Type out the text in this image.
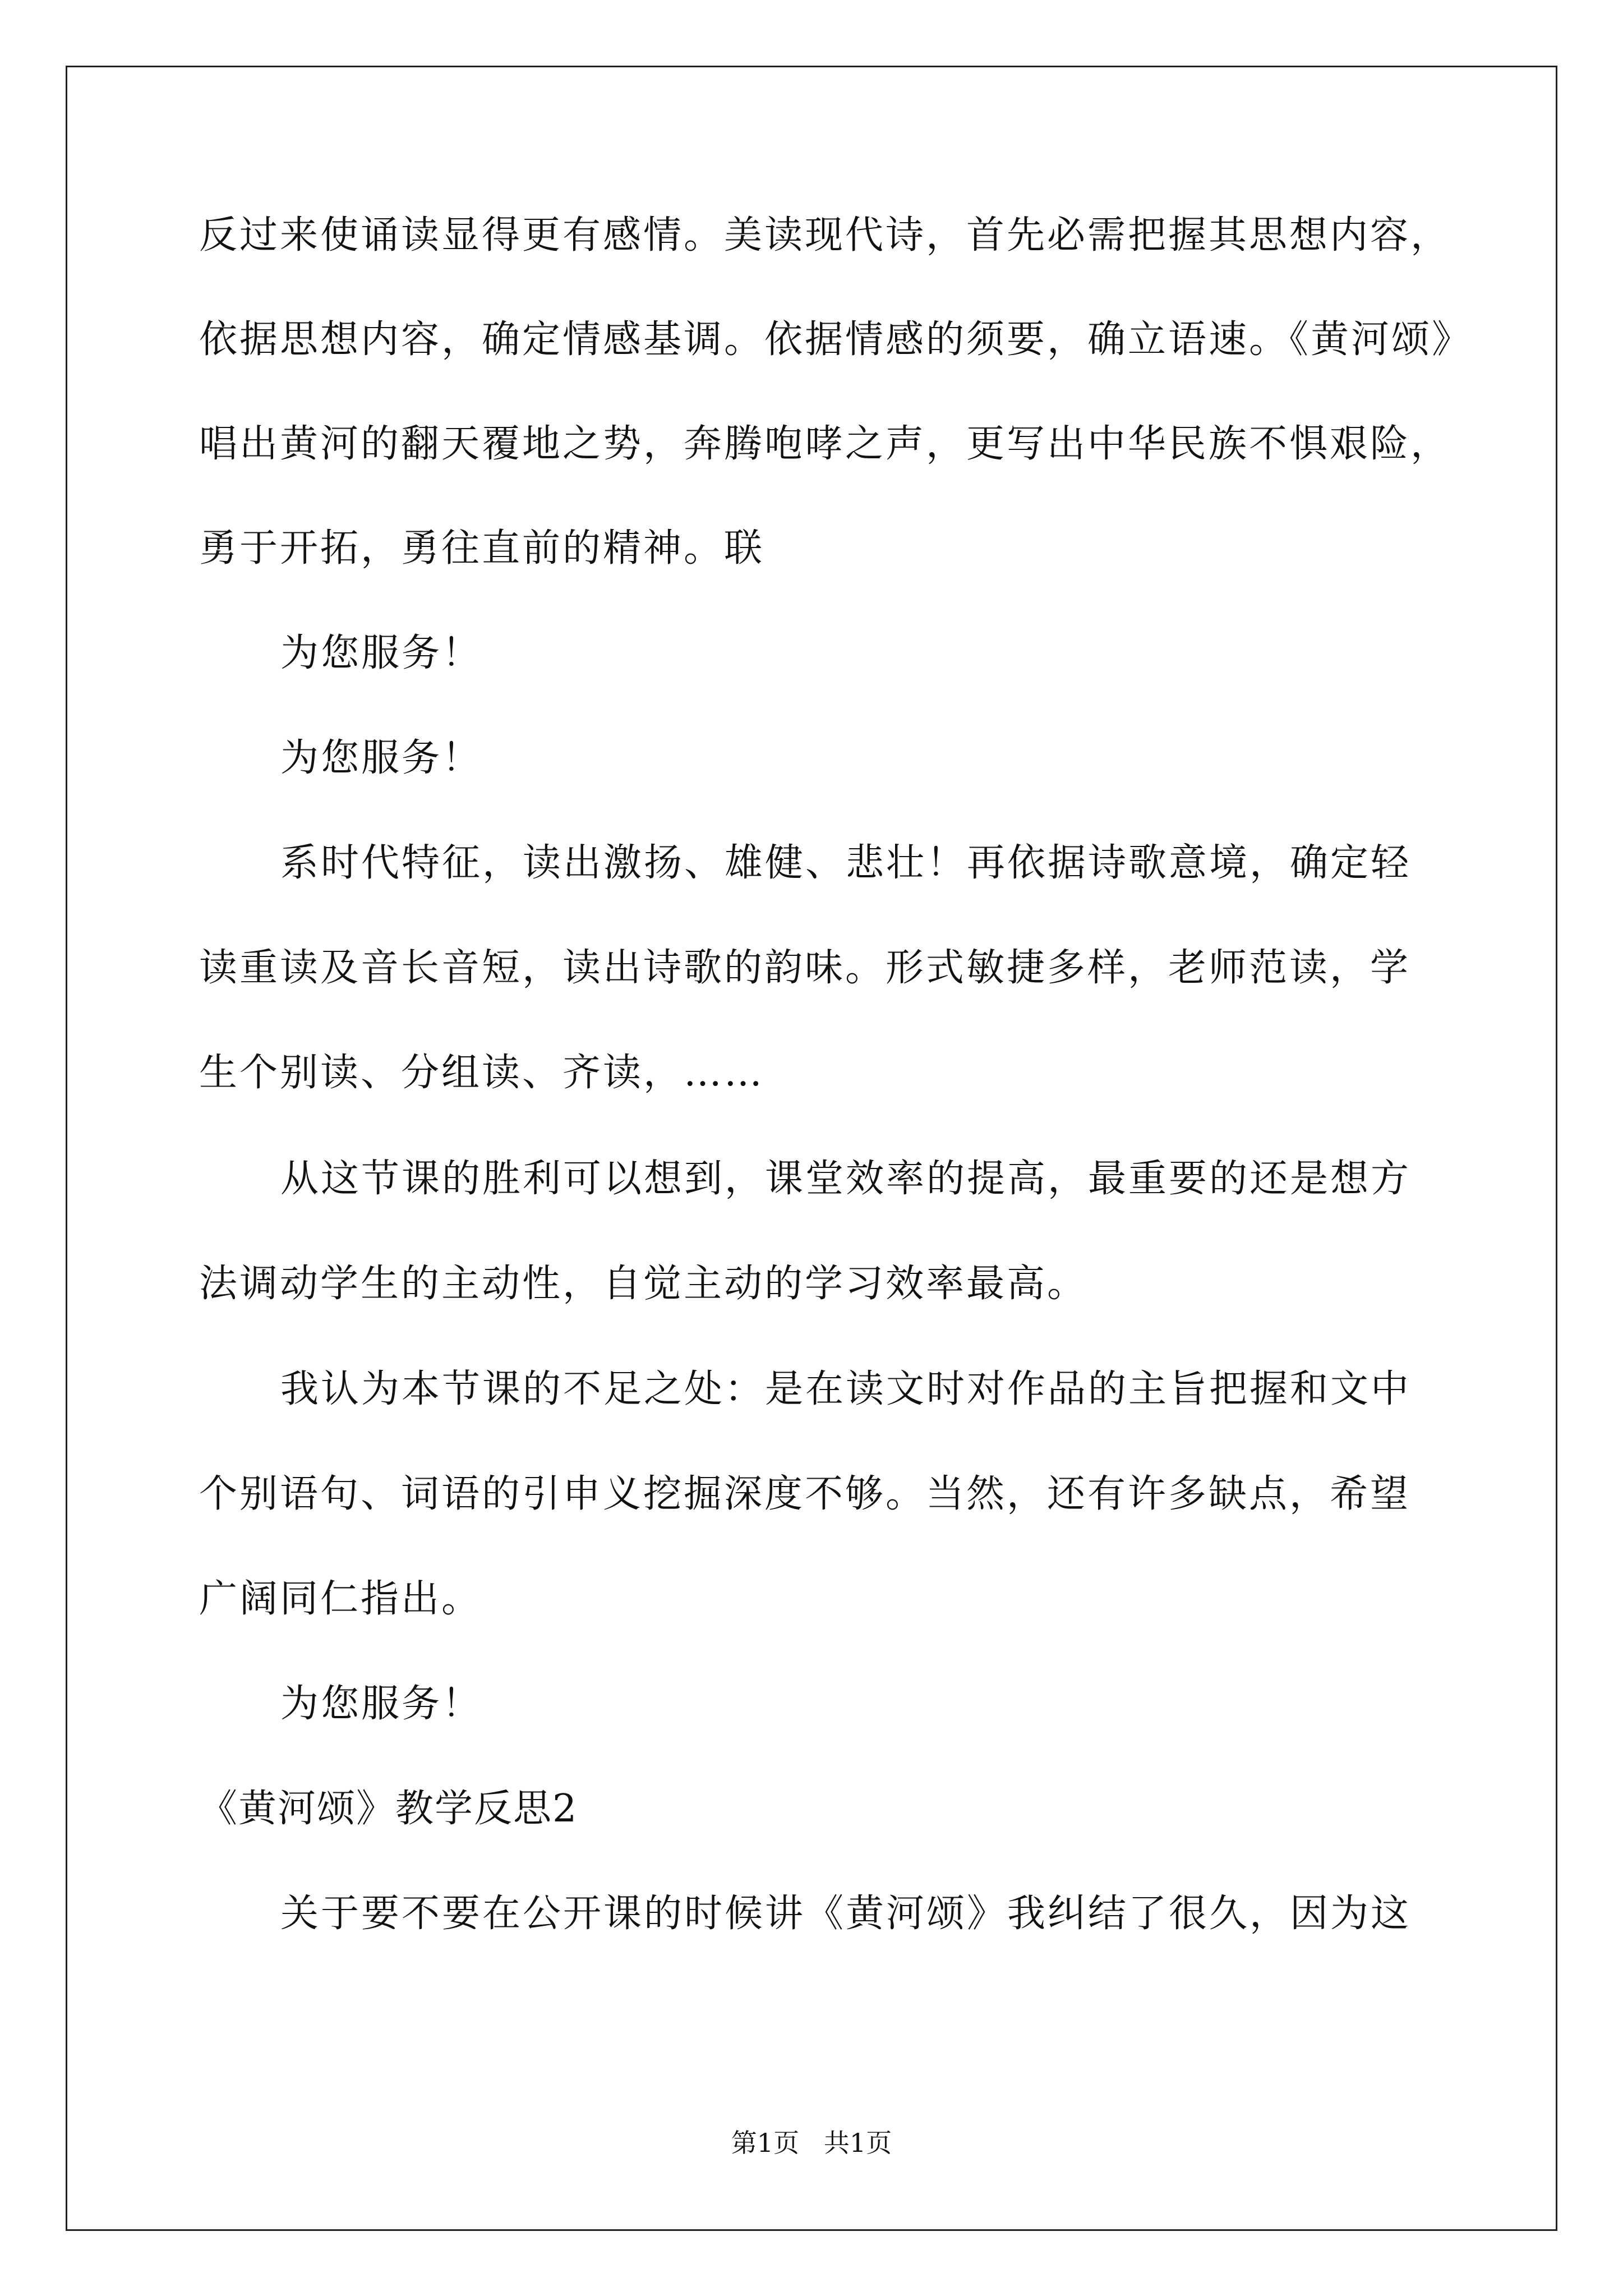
反过来使诵读显得更有感情。美读现代诗，首先必需把握其思想内容，
依据思想内容，确定情感基调。依据情感的须要，确立语速。《黄河颂》
唱出黄河的翻天覆地之势，奔腾咆哮之声，更写出中华民族不惧艰险，
勇于开拓，勇往直前的精神。联
为您服务！
为您服务！
系时代特征，读出激扬、雄健、悲壮！再依据诗歌意境，确定轻
读重读及音长音短，读出诗歌的韵味。形式敏捷多样，老师范读，学
生个别读、分组读、齐读，……
从这节课的胜利可以想到，课堂效率的提高，最重要的还是想方
法调动学生的主动性，自觉主动的学习效率最高。
我认为本节课的不足之处：是在读文时对作品的主旨把握和文中
个别语句、词语的引申义挖掘深度不够。当然，还有许多缺点，希望
广阔同仁指出。
为您服务！
《黄河颂》教学反思2
关于要不要在公开课的时候讲《黄河颂》我纠结了很久，因为这
第1页   共1页
